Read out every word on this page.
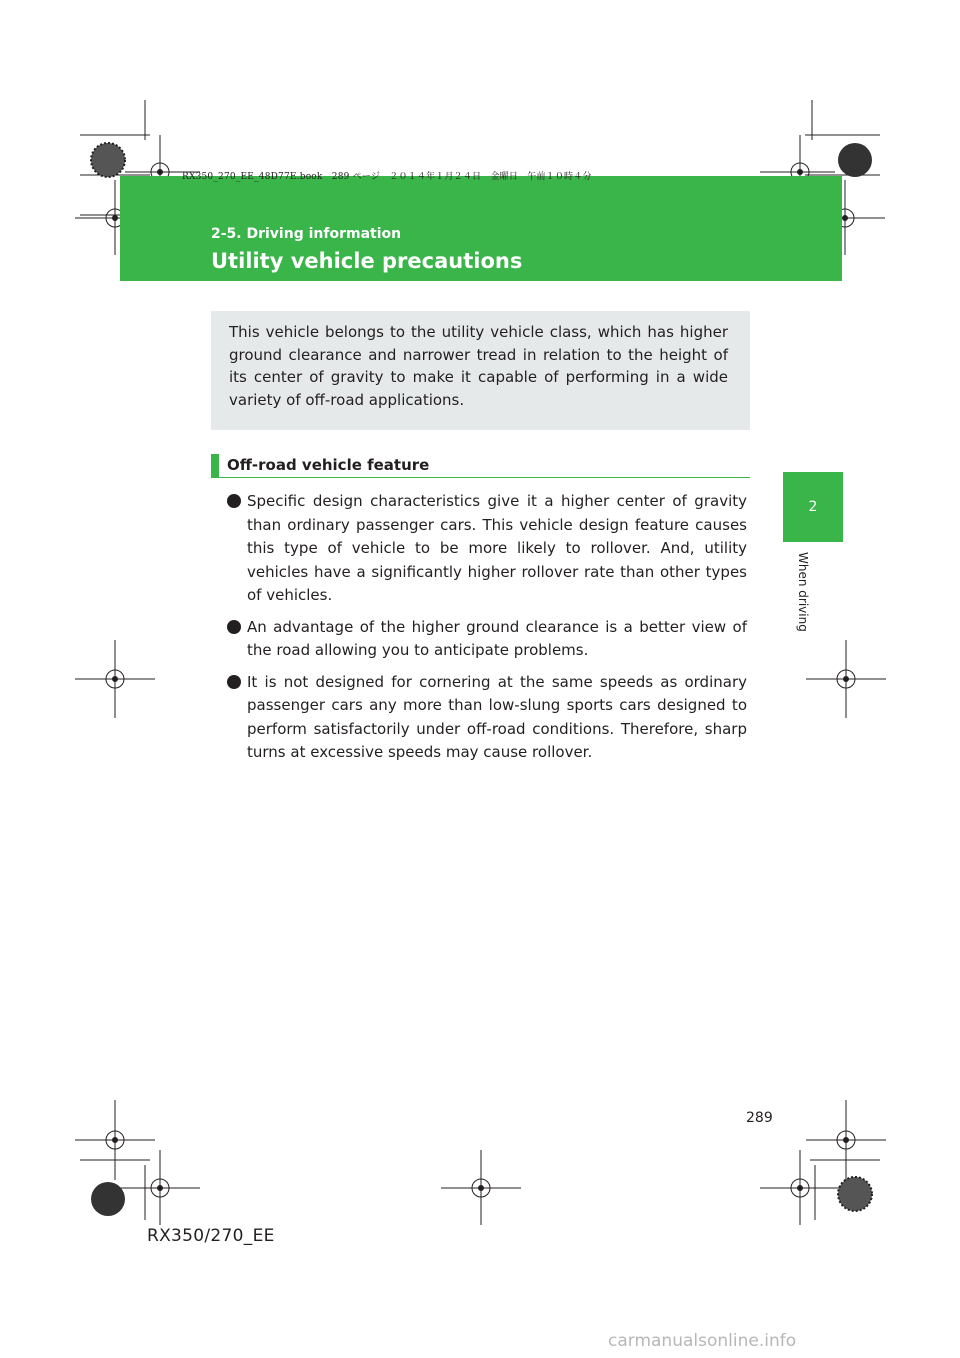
RX350_270_EE_48D77E.book　289 ページ　２０１４年１月２４日　金曜日　午前１０時４分
2-5. Driving information
Utility vehicle precautions
2
When driving

This vehicle belongs to the utility vehicle class, which has higher ground clearance and narrower tread in relation to the height of its center of gravity to make it capable of performing in a wide variety of off-road applications.

Off-road vehicle feature
Specific design characteristics give it a higher center of gravity than ordinary passenger cars. This vehicle design feature causes this type of vehicle to be more likely to rollover. And, utility vehicles have a significantly higher rollover rate than other types of vehicles.
An advantage of the higher ground clearance is a better view of the road allowing you to anticipate problems.
It is not designed for cornering at the same speeds as ordinary passenger cars any more than low-slung sports cars designed to perform satisfactorily under off-road conditions. Therefore, sharp turns at excessive speeds may cause rollover.
289
RX350/270_EE
carmanualsonline.info
